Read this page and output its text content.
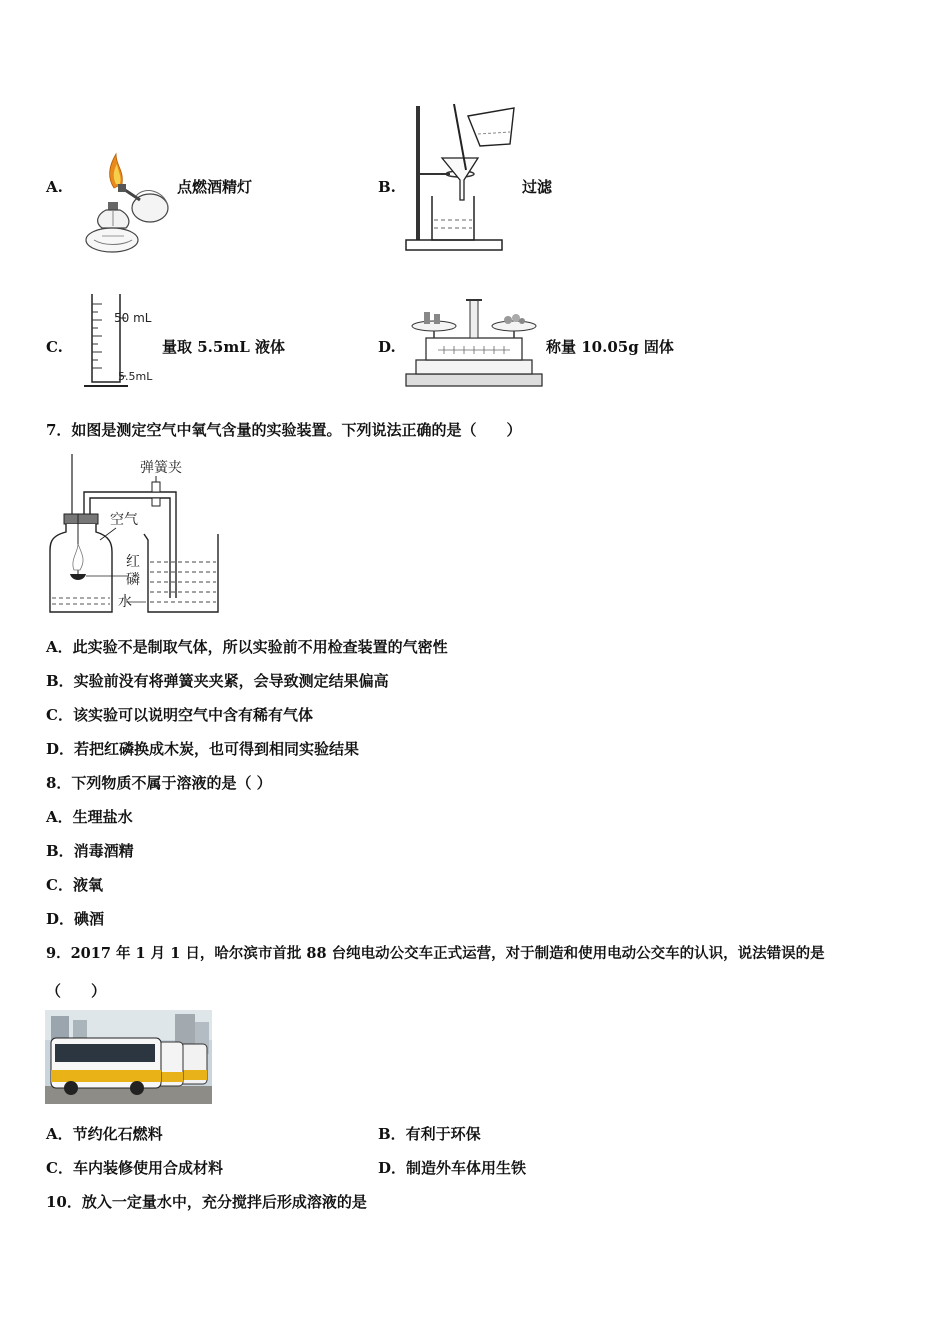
A.	点燃酒精灯	B.	过滤
C.
50 mL
5.5mL
量取 5.5mL 液体	D.	称量 10.05g 固体
7．如图是测定空气中氧气含量的实验装置。下列说法正确的是（　　）
弹簧夹
空气
红
磷
水
A．此实验不是制取气体，所以实验前不用检查装置的气密性
B．实验前没有将弹簧夹夹紧，会导致测定结果偏高
C．该实验可以说明空气中含有稀有气体
D．若把红磷换成木炭，也可得到相同实验结果
8．下列物质不属于溶液的是（ ）
A．生理盐水
B．消毒酒精
C．液氧
D．碘酒
9．2017 年 1 月 1 日，哈尔滨市首批 88 台纯电动公交车正式运营，对于制造和使用电动公交车的认识，说法错误的是
（　　）
A．节约化石燃料	B．有利于环保
C．车内装修使用合成材料	D．制造外车体用生铁
10．放入一定量水中，充分搅拌后形成溶液的是
